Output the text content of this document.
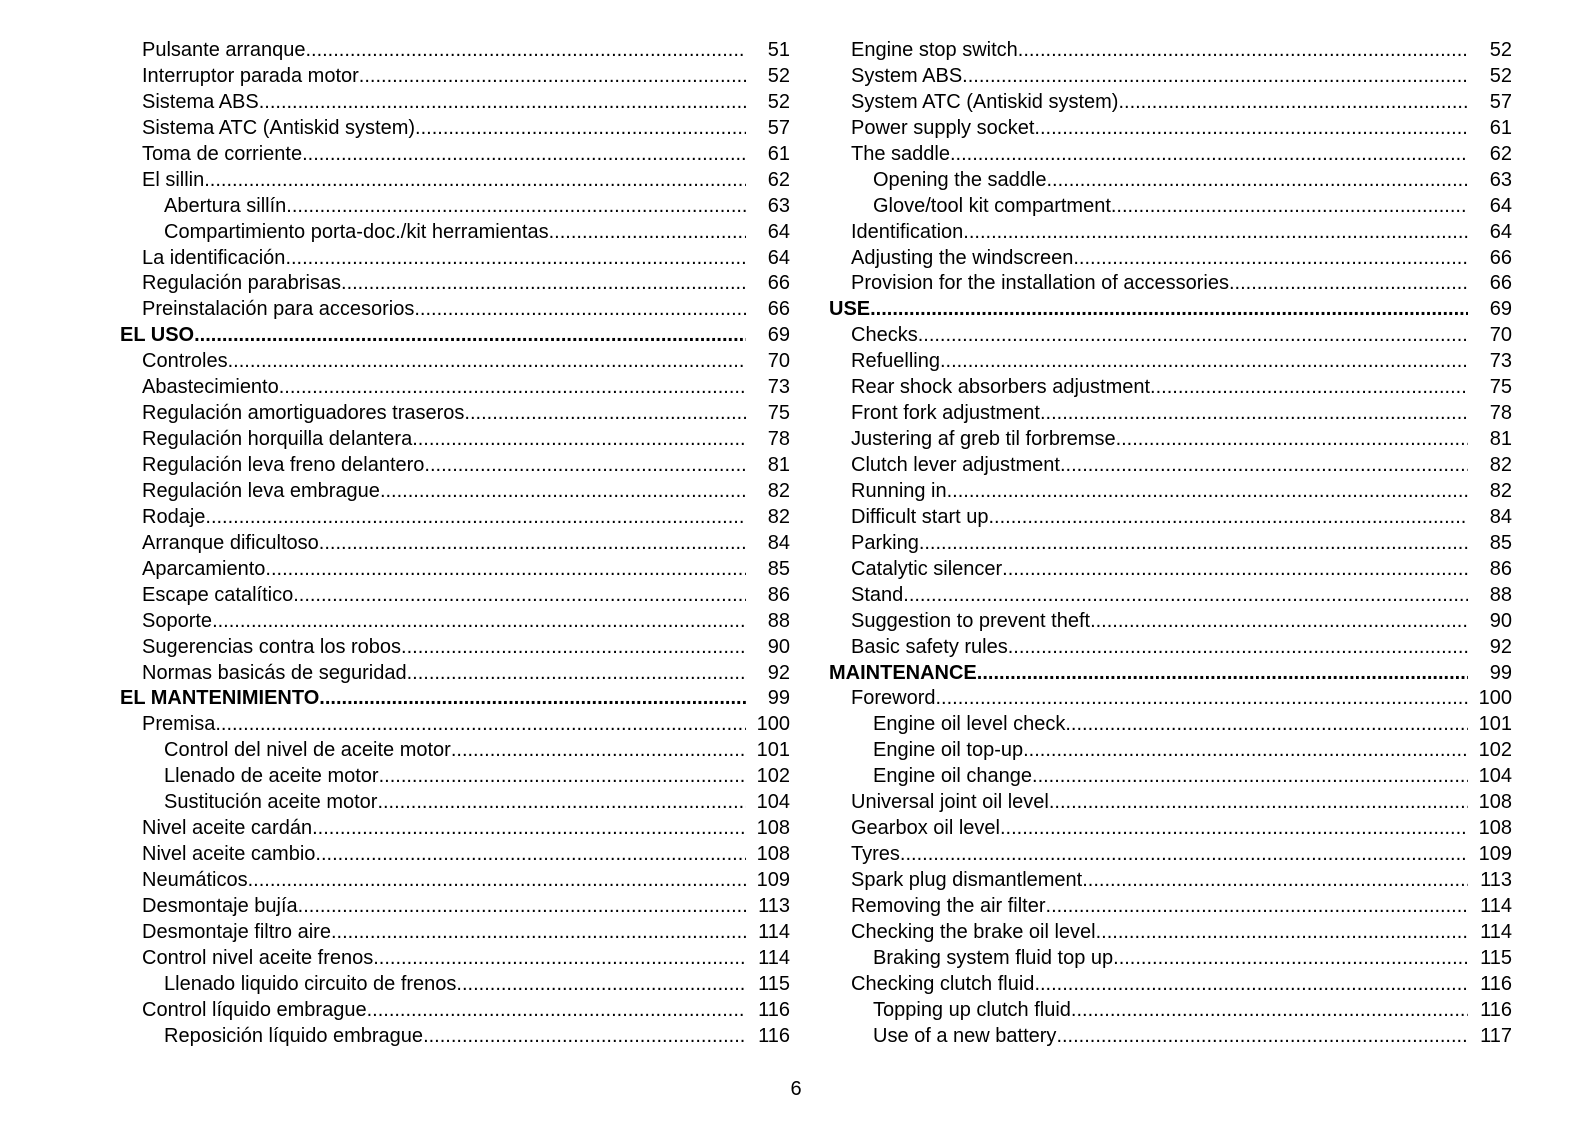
Pulsante arranque .....	51
Interruptor parada motor .....	52
Sistema ABS .....	52
Sistema ATC (Antiskid system) .....	57
Toma de corriente .....	61
El sillin .....	62
Abertura sillín .....	63
Compartimiento porta-doc./kit herramientas .....	64
La identificación .....	64
Regulación parabrisas .....	66
Preinstalación para accesorios .....	66
EL USO .....	69
Controles .....	70
Abastecimiento .....	73
Regulación amortiguadores traseros .....	75
Regulación horquilla delantera .....	78
Regulación leva freno delantero .....	81
Regulación leva embrague .....	82
Rodaje .....	82
Arranque dificultoso .....	84
Aparcamiento .....	85
Escape catalítico .....	86
Soporte .....	88
Sugerencias contra los robos .....	90
Normas basicás de seguridad .....	92
EL MANTENIMIENTO .....	99
Premisa .....	100
Control del nivel de aceite motor .....	101
Llenado de aceite motor .....	102
Sustitución aceite motor .....	104
Nivel aceite cardán .....	108
Nivel aceite cambio .....	108
Neumáticos .....	109
Desmontaje bujía .....	113
Desmontaje filtro aire .....	114
Control nivel aceite frenos .....	114
Llenado liquido circuito de frenos .....	115
Control líquido embrague .....	116
Reposición líquido embrague .....	116
Engine stop switch .....	52
System ABS .....	52
System ATC (Antiskid system) .....	57
Power supply socket .....	61
The saddle .....	62
Opening the saddle .....	63
Glove/tool kit compartment .....	64
Identification .....	64
Adjusting the windscreen .....	66
Provision for the installation of accessories .....	66
USE .....	69
Checks .....	70
Refuelling .....	73
Rear shock absorbers adjustment .....	75
Front fork adjustment .....	78
Justering af greb til forbremse .....	81
Clutch lever adjustment .....	82
Running in .....	82
Difficult start up .....	84
Parking .....	85
Catalytic silencer .....	86
Stand .....	88
Suggestion to prevent theft .....	90
Basic safety rules .....	92
MAINTENANCE .....	99
Foreword .....	100
Engine oil level check .....	101
Engine oil top-up .....	102
Engine oil change .....	104
Universal joint oil level .....	108
Gearbox oil level .....	108
Tyres .....	109
Spark plug dismantlement .....	113
Removing the air filter .....	114
Checking the brake oil level .....	114
Braking system fluid top up. .....	115
Checking clutch fluid .....	116
Topping up clutch fluid .....	116
Use of a new battery .....	117
6
